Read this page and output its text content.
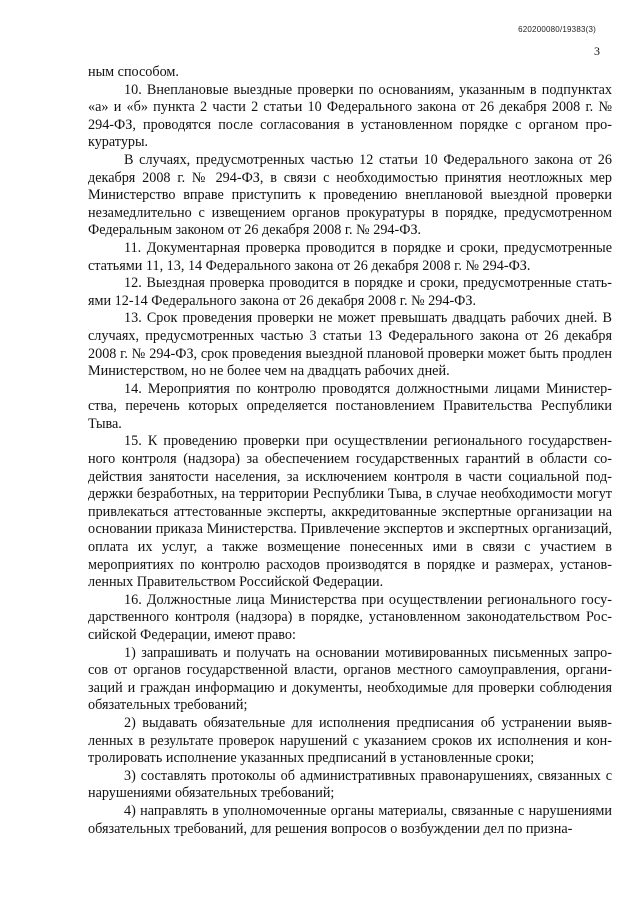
620200080/19383(3)
3

ным способом.

10. Внеплановые выездные проверки по основаниям, указанным в подпунктах «а» и «б» пункта 2 части 2 статьи 10 Федерального закона от 26 декабря 2008 г. № 294-ФЗ, проводятся после согласования в установленном порядке с органом прокуратуры.

В случаях, предусмотренных частью 12 статьи 10 Федерального закона от 26 декабря 2008 г. № 294-ФЗ, в связи с необходимостью принятия неотложных мер Министерство вправе приступить к проведению внеплановой выездной проверки незамедлительно с извещением органов прокуратуры в порядке, предусмотренном Федеральным законом от 26 декабря 2008 г. № 294-ФЗ.

11. Документарная проверка проводится в порядке и сроки, предусмотренные статьями 11, 13, 14 Федерального закона от 26 декабря 2008 г. № 294-ФЗ.

12. Выездная проверка проводится в порядке и сроки, предусмотренные статьями 12-14 Федерального закона от 26 декабря 2008 г. № 294-ФЗ.

13. Срок проведения проверки не может превышать двадцать рабочих дней. В случаях, предусмотренных частью 3 статьи 13 Федерального закона от 26 декабря 2008 г. № 294-ФЗ, срок проведения выездной плановой проверки может быть продлен Министерством, но не более чем на двадцать рабочих дней.

14. Мероприятия по контролю проводятся должностными лицами Министерства, перечень которых определяется постановлением Правительства Республики Тыва.

15. К проведению проверки при осуществлении регионального государственного контроля (надзора) за обеспечением государственных гарантий в области содействия занятости населения, за исключением контроля в части социальной поддержки безработных, на территории Республики Тыва, в случае необходимости могут привлекаться аттестованные эксперты, аккредитованные экспертные организации на основании приказа Министерства. Привлечение экспертов и экспертных организаций, оплата их услуг, а также возмещение понесенных ими в связи с участием в мероприятиях по контролю расходов производятся в порядке и размерах, установленных Правительством Российской Федерации.

16. Должностные лица Министерства при осуществлении регионального государственного контроля (надзора) в порядке, установленном законодательством Российской Федерации, имеют право:

1) запрашивать и получать на основании мотивированных письменных запросов от органов государственной власти, органов местного самоуправления, организаций и граждан информацию и документы, необходимые для проверки соблюдения обязательных требований;

2) выдавать обязательные для исполнения предписания об устранении выявленных в результате проверок нарушений с указанием сроков их исполнения и контролировать исполнение указанных предписаний в установленные сроки;

3) составлять протоколы об административных правонарушениях, связанных с нарушениями обязательных требований;

4) направлять в уполномоченные органы материалы, связанные с нарушениями обязательных требований, для решения вопросов о возбуждении дел по призна-
